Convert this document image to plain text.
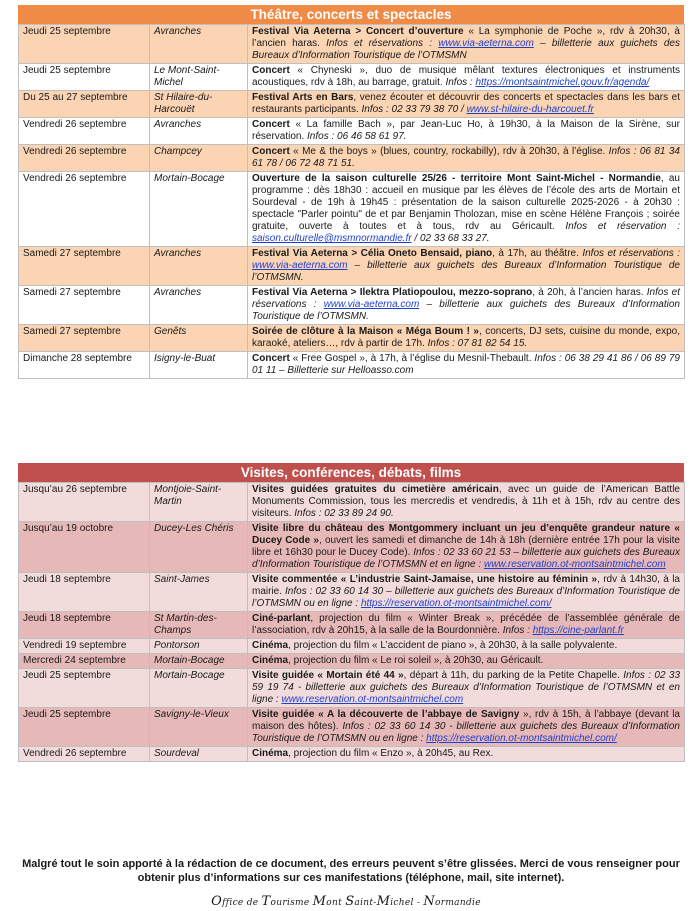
Théâtre, concerts et spectacles
Jeudi 25 septembre	Avranches	Festival Via Aeterna > Concert d’ouverture « La symphonie de Poche », rdv à 20h30, à l’ancien haras. Infos et réservations : www.via-aeterna.com – billetterie aux guichets des Bureaux d’Information Touristique de l’OTMSMN
Jeudi 25 septembre	Le Mont-Saint-Michel	Concert « Chyneski », duo de musique mêlant textures électroniques et instruments acoustiques, rdv à 18h, au barrage, gratuit. Infos : https://montsaintmichel.gouv.fr/agenda/
Du 25 au 27 septembre	St Hilaire-du-Harcouët	Festival Arts en Bars, venez écouter et découvrir des concerts et spectacles dans les bars et restaurants participants. Infos : 02 33 79 38 70 / www.st-hilaire-du-harcouet.fr
Vendredi 26 septembre	Avranches	Concert « La famille Bach », par Jean-Luc Ho, à 19h30, à la Maison de la Sirène, sur réservation. Infos : 06 46 58 61 97.
Vendredi 26 septembre	Champcey	Concert « Me & the boys » (blues, country, rockabilly), rdv à 20h30, à l’église. Infos : 06 81 34 61 78 / 06 72 48 71 51.
Vendredi 26 septembre	Mortain-Bocage	Ouverture de la saison culturelle 25/26 - territoire Mont Saint-Michel - Normandie, au programme : dès 18h30 : accueil en musique par les élèves de l’école des arts de Mortain et Sourdeval - de 19h à 19h45 : présentation de la saison culturelle 2025-2026 - à 20h30 : spectacle "Parler pointu" de et par Benjamin Tholozan, mise en scène Hélène François ; soirée gratuite, ouverte à toutes et à tous, rdv au Géricault. Infos et réservation : saison.culturelle@msmnormandie.fr / 02 33 68 33 27.
Samedi 27 septembre	Avranches	Festival Via Aeterna > Célia Oneto Bensaid, piano, à 17h, au théâtre. Infos et réservations : www.via-aeterna.com – billetterie aux guichets des Bureaux d’Information Touristique de l’OTMSMN.
Samedi 27 septembre	Avranches	Festival Via Aeterna > Ilektra Platiopoulou, mezzo-soprano, à 20h, à l’ancien haras. Infos et réservations : www.via-aeterna.com – billetterie aux guichets des Bureaux d’Information Touristique de l’OTMSMN.
Samedi 27 septembre	Genêts	Soirée de clôture à la Maison « Méga Boum ! », concerts, DJ sets, cuisine du monde, expo, karaoké, ateliers…, rdv à partir de 17h. Infos : 07 81 82 54 15.
Dimanche 28 septembre	Isigny-le-Buat	Concert « Free Gospel », à 17h, à l’église du Mesnil-Thebault. Infos : 06 38 29 41 86 / 06 89 79 01 11 – Billetterie sur Helloasso.com
Visites, conférences, débats, films
Jusqu’au 26 septembre	Montjoie-Saint-Martin	Visites guidées gratuites du cimetière américain, avec un guide de l’American Battle Monuments Commission, tous les mercredis et vendredis, à 11h et à 15h, rdv au centre des visiteurs. Infos : 02 33 89 24 90.
Jusqu’au 19 octobre	Ducey-Les Chéris	Visite libre du château des Montgommery incluant un jeu d’enquête grandeur nature « Ducey Code », ouvert les samedi et dimanche de 14h à 18h (dernière entrée 17h pour la visite libre et 16h30 pour le Ducey Code). Infos : 02 33 60 21 53 – billetterie aux guichets des Bureaux d’Information Touristique de l’OTMSMN et en ligne : www.reservation.ot-montsaintmichel.com
Jeudi 18 septembre	Saint-James	Visite commentée « L’industrie Saint-Jamaise, une histoire au féminin », rdv à 14h30, à la mairie. Infos : 02 33 60 14 30 – billetterie aux guichets des Bureaux d’Information Touristique de l’OTMSMN ou en ligne : https://reservation.ot-montsaintmichel.com/
Jeudi 18 septembre	St Martin-des-Champs	Ciné-parlant, projection du film « Winter Break », précédée de l’assemblée générale de l’association, rdv à 20h15, à la salle de la Bourdonnière. Infos : https://cine-parlant.fr
Vendredi 19 septembre	Pontorson	Cinéma, projection du film « L’accident de piano », à 20h30, à la salle polyvalente.
Mercredi 24 septembre	Mortain-Bocage	Cinéma, projection du film « Le roi soleil », à 20h30, au Géricault.
Jeudi 25 septembre	Mortain-Bocage	Visite guidée « Mortain été 44 », départ à 11h, du parking de la Petite Chapelle. Infos : 02 33 59 19 74 - billetterie aux guichets des Bureaux d’Information Touristique de l’OTMSMN et en ligne : www.reservation.ot-montsaintmichel.com
Jeudi 25 septembre	Savigny-le-Vieux	Visite guidée « A la découverte de l’abbaye de Savigny », rdv à 15h, à l’abbaye (devant la maison des hôtes). Infos : 02 33 60 14 30 - billetterie aux guichets des Bureaux d’Information Touristique de l’OTMSMN ou en ligne : https://reservation.ot-montsaintmichel.com/
Vendredi 26 septembre	Sourdeval	Cinéma, projection du film « Enzo », à 20h45, au Rex.
Malgré tout le soin apporté à la rédaction de ce document, des erreurs peuvent s’être glissées. Merci de vous renseigner pour obtenir plus d’informations sur ces manifestations (téléphone, mail, site internet).
Office de Tourisme Mont Saint-Michel - Normandie
